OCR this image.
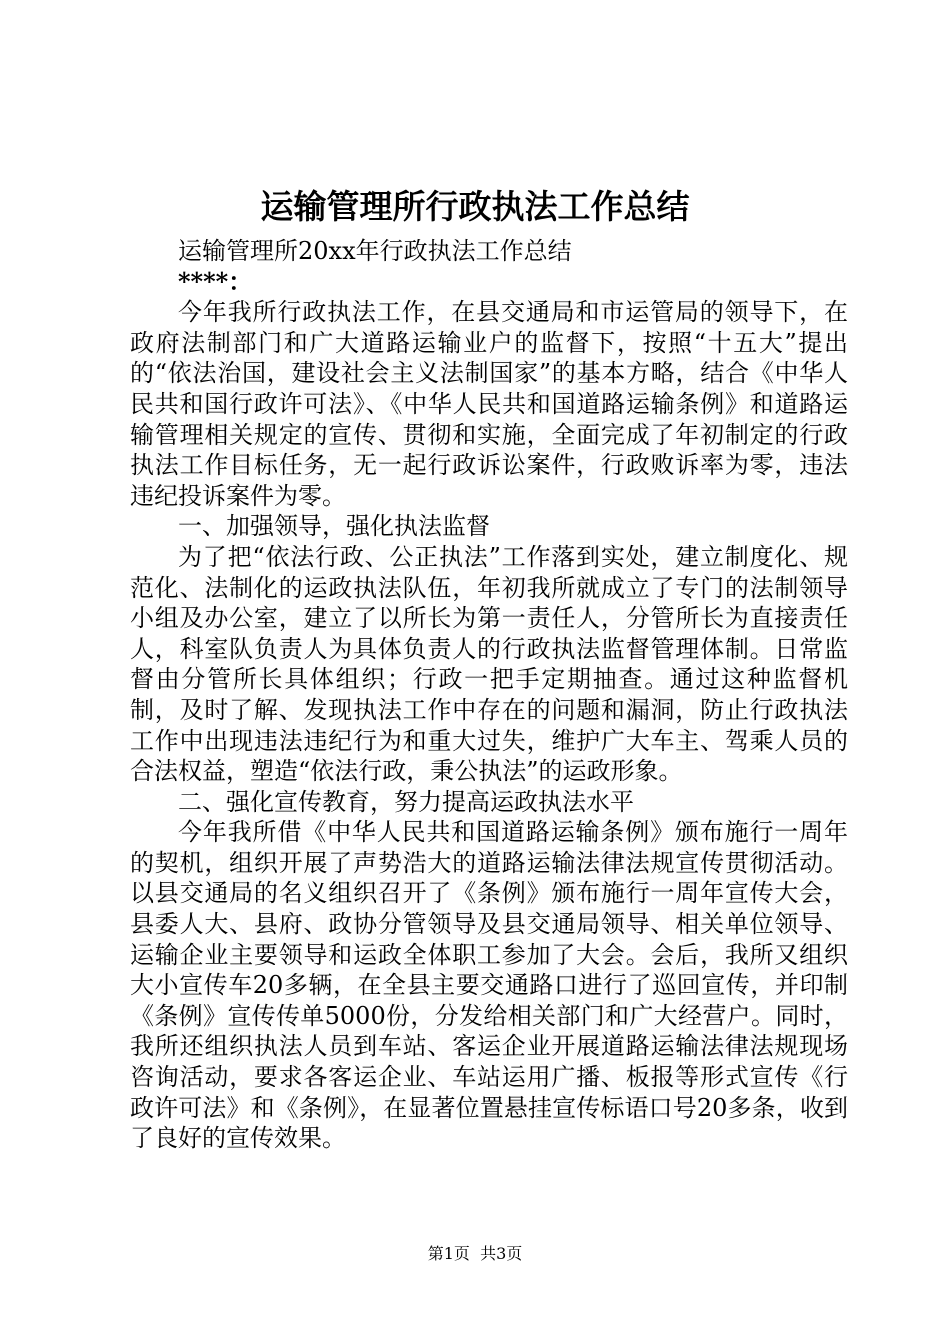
运输管理所行政执法工作总结

运输管理所20xx年行政执法工作总结

****：

今年我所行政执法工作，在县交通局和市运管局的领导下，在政府法制部门和广大道路运输业户的监督下，按照“十五大”提出的“依法治国，建设社会主义法制国家”的基本方略，结合《中华人民共和国行政许可法》、《中华人民共和国道路运输条例》和道路运输管理相关规定的宣传、贯彻和实施，全面完成了年初制定的行政执法工作目标任务，无一起行政诉讼案件，行政败诉率为零，违法违纪投诉案件为零。

一、加强领导，强化执法监督

为了把“依法行政、公正执法”工作落到实处，建立制度化、规范化、法制化的运政执法队伍，年初我所就成立了专门的法制领导小组及办公室，建立了以所长为第一责任人，分管所长为直接责任人，科室队负责人为具体负责人的行政执法监督管理体制。日常监督由分管所长具体组织；行政一把手定期抽查。通过这种监督机制，及时了解、发现执法工作中存在的问题和漏洞，防止行政执法工作中出现违法违纪行为和重大过失，维护广大车主、驾乘人员的合法权益，塑造“依法行政，秉公执法”的运政形象。

二、强化宣传教育，努力提高运政执法水平

今年我所借《中华人民共和国道路运输条例》颁布施行一周年的契机，组织开展了声势浩大的道路运输法律法规宣传贯彻活动。以县交通局的名义组织召开了《条例》颁布施行一周年宣传大会，县委人大、县府、政协分管领导及县交通局领导、相关单位领导、运输企业主要领导和运政全体职工参加了大会。会后，我所又组织大小宣传车20多辆，在全县主要交通路口进行了巡回宣传，并印制《条例》宣传传单5000份，分发给相关部门和广大经营户。同时，我所还组织执法人员到车站、客运企业开展道路运输法律法规现场咨询活动，要求各客运企业、车站运用广播、板报等形式宣传《行政许可法》和《条例》，在显著位置悬挂宣传标语口号20多条，收到了良好的宣传效果。

第1页 共3页
